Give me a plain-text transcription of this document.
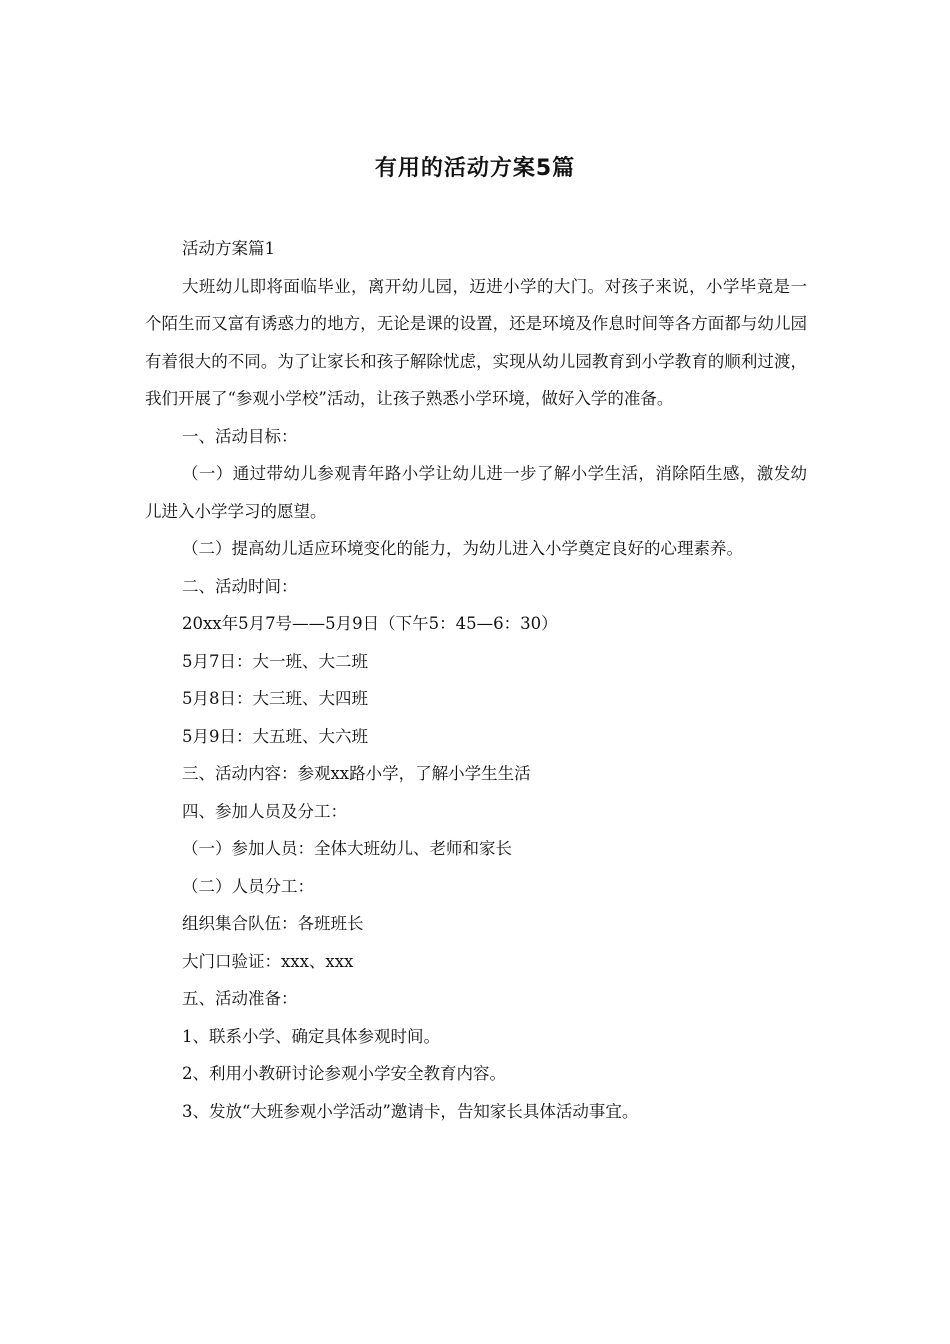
有用的活动方案5篇

活动方案篇1

大班幼儿即将面临毕业，离开幼儿园，迈进小学的大门。对孩子来说，小学毕竟是一个陌生而又富有诱惑力的地方，无论是课的设置，还是环境及作息时间等各方面都与幼儿园有着很大的不同。为了让家长和孩子解除忧虑，实现从幼儿园教育到小学教育的顺利过渡，我们开展了“参观小学校”活动，让孩子熟悉小学环境，做好入学的准备。

一、活动目标：

（一）通过带幼儿参观青年路小学让幼儿进一步了解小学生活，消除陌生感，激发幼儿进入小学学习的愿望。

（二）提高幼儿适应环境变化的能力，为幼儿进入小学奠定良好的心理素养。

二、活动时间：

20xx年5月7号——5月9日（下午5：45—6：30）

5月7日：大一班、大二班

5月8日：大三班、大四班

5月9日：大五班、大六班

三、活动内容：参观xx路小学，了解小学生生活

四、参加人员及分工：

（一）参加人员：全体大班幼儿、老师和家长

（二）人员分工：

组织集合队伍：各班班长

大门口验证：xxx、xxx

五、活动准备：

1、联系小学、确定具体参观时间。

2、利用小教研讨论参观小学安全教育内容。

3、发放“大班参观小学活动”邀请卡，告知家长具体活动事宜。
